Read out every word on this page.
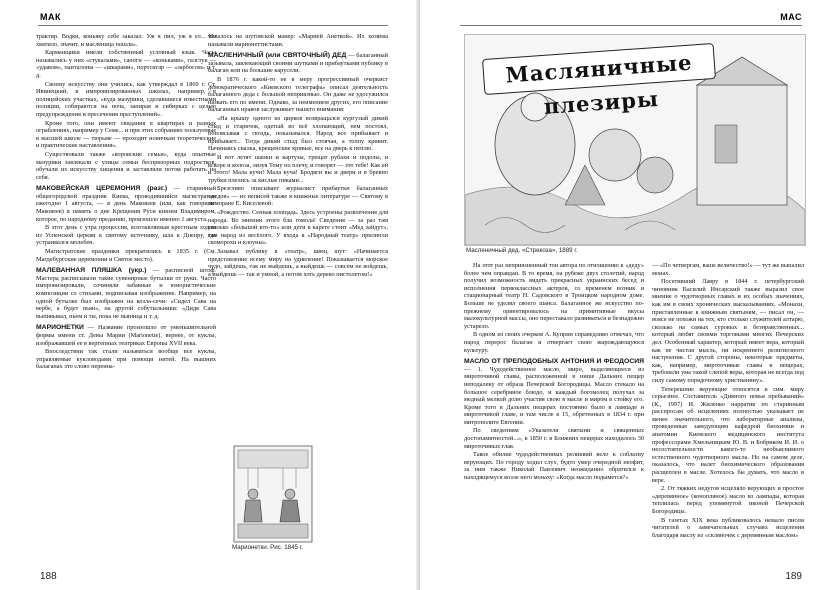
МАК

трактир. Водки, коньяку себе заказал. Уж я пил, уж я ел... Не хватило, значит, и масленица пошла».

Карманщики имели собственный условный язык. Часы назывались у них «стукалами», сапоги — «коньками», галстук — «удавом», панталоны — «шкарами», портсигар — «зарбосом» и т. д.

Своему искусству они учились, как утверждал в 1869 г. Ст. Ивинецкий, в импровизированных школах, например, в полицейских участках, «куда мазурики, сделавшиеся известными полиции, собираются на ночь, запирая в сибирках с целью предупреждения и пресечения преступлений».

Кроме того, они имеют свидания в квартирах и разных ограблениях, например у Семе... и при этих собраниях пользуемые в высшей школе — тюрьме — проходит новичкам теоретические и практические наставления».

Существовали также «воровские семьи», куда опытные мазурики завлекали с улицы семьи беспризорных подростков, обучали их искусству хищения и заставляли потом работать на себя.

МАКОВЕЙСКАЯ ЦЕРЕМОНИЯ (разг.) — старинный общегородской праздник Киева, проводившийся магистратом ежегодно 1 августа, — в день Маковеев (или, как говорили: Маковеев) в память о дне Крещения Руси князем Владимиром, которое, по народному преданию, произошло именно 1 августа.

В этот день с утра процессия, возглавляемая крестным ходом из Успенской церкви к святому источнику, шла к Днепру, где устраивался молебен.

Магистратские праздники прекратились в 1835 г. (См. Магдебургские церемонии и Святое место).

МАЛЕВАННАЯ ПЛЯШКА (укр.) — расписной штоф. Мастера расписывали такие сувенирные бутылки от руки. Часто импровизировали, сочиняли забавные и юмористические композиции со стихами, подписывая изображение. Например, на одной бутылке был изображен на козла-сечи: «Сидел Сава на вербе, а будет пьян», на другой собутыльники: «Дидя Сава выпивывал, пьем и ты, пока не пьяница и т. д.

МАРИОНЕТКИ — Название произошло от уменьшительной формы имени ст. Девы Марии (Marionette), вернее, от куклы, изображавшей ее в вертепных театриках Европы XVII века.

Впоследствии так стали называться вообще все куклы, управляемые кукловодами при помощи нитей. На вышних балаганах это слово переина-

чивалось на шутовской манер: «Марией Анеткой». Их хозяева называли марионеттистами.

МАСЛЕНИЧНЫЙ (или СВЯТОЧНЫЙ) ДЕД — балаганный зазывала, завлекающий своими шутками и прибаутками публику в балаган или на большие карусели.

В 1876 г. какой-то не в меру прогрессивный очеркист демократического «Киевского телеграфа» описал деятельность балаганного деда с большой неприязнью. Он даже не удосужился назвать его по имени. Однако, за неимением других, его описание балаганных нравов заслуживает нашего внимания:

«На крышу одного из цирков возвращался кургузый дикий стыд и старичок, одетый во всё хлопающий, нем постоял, поплясывая с гвоздь, показывался. Народ все прибывает и прибывает... Тогда дикий стыд был стоячая, а толпу кривит. Начинаясь свалка, крещенские кривые, все на дверь к пеплю.

И вот летят шапки и картузы, трещат рубахи и подолы, и вскоре и колоза, лизуя Тому по плечу, и говорят — это тебе! Как ей и этого! Мала кучи! Мала куча! Бродяги вы и двери и в бревно трубки плелись за кислые пиками...

Брезгливо описывает журналист прибаутки балаганных «дедов» — из неписей также в книжные литературе — Святому в меморане Е. Киселевой:

«Рождество. Сенная площадь. Здесь устроены развлечения для народа. Во мнении этого бла гомола! Сведения — за раз там сколько «большой кто-то» или дети в карете стоит «Мед зайдут», там народ из весёлого. У входа в «Народный театр» прилипли скоморохи и клоуны».

Зазывал публику в «театр», швец шут: «Начинается представление всему миру на удивление! Показывается морское чудо, зайдешь, так не выйдешь, а выйдешь — совсем не войдешь, а выйдешь — так и умной, а потом хоть дерево пистолетом!»

Марионетки. Рис. 1845 г.
188
МАС
Масляничные плезиры
Масленичный дед. «Стрекоза», 1889 г.

На этот раз неприязненный тон автора по отношению к «деду» более чем оправдан. В то время, на рубеже двух столетий, народ получил возможность видеть прекрасных украинских бесед и исполнения первоклассных актеров, со временем возник и стационарный театр Н. Садовского в Троицком народном доме. Больше не уделял своего шанса. Балаганное же искусство по-прежнему ориентировалось на примитивные вкусы малокультурной массы, оно переставало развиваться и безнадежно устарело.

В одном из своих очерков А. Куприн справедливо отмечал, что народ перерос балаган и отвергает свою вырождающуюся культуру.

МАСЛО ОТ ПРЕПОДОБНЫХ АНТОНИЯ И ФЕОДОСИЯ — 1. Чудодейственное масло, миро, выделяющееся из мироточивой главы, расположенной в нише Дальних пещер неподалеку от образа Печерской Богородицы. Масло стекало на большое серебряное блюдо, и каждый богомолец получал за медный мелкой долю участия свою в масле и миром в стойку его. Кроме того в Дальних пещерах постоянно было в лампаде и мироточивой главе, и там числе в 15, обретенных в 1834 г. при митрополите Евгении.

По сведениям «Указателя святыни и священных достопамятностей...», в 1850 г. в Ближних пещерах находилось 30 мироточивых глав.

Такое обилие чудодейственных реликвий вело к соблазну верующих. По городу ходил слух, будто умер очередной неофит, за ним также Николай Павлович неожиданно обратился к находящемуся возле него монаху: «Когда масло подымется?»

— «По четвергам, ваше величество!» — тут же выпалил монах.

Посетивший Лавру в 1844 г. петербургский чиновник Василий Инсарский также выразил свое мнение о чудотворных главах и их особых значениях, как им в своих хронических высказываниях. «Монахи, приставленные к книжным святыням, — писал он, — вовсе не похожи на тех, кто столько служителей алтарю, сколько на самых суровых и безнравственных... который любят своими торговыми многих Печерских дел. Особенный характер, который имеет вера, который как не чистая мысль, ни искреннего религиозного настроения. С другой стороны, некоторые предметы, как, например, мироточивые главы в пещерах, требовали ума такой слепой веры, которая не всегда под силу самому порядочному христианину».

Теперешние верующие относятся к сим. миру серьезнее. Составитель «Дивного новья пребываний» (К., 1997) И. Жиленко нарратив по старинным расспросам об исцелениях полностью указывает не менее значительного, что лабораторные анализы, проведенные заведующим кафедрой биохимии и анатомии Киевского медицинского института профессорами Хмельницким Ю. В. и Бобриком И. И. о несостоятельности какого-то необъяснимого естественного чудотворного масла. Но на самом деле, оказалось, что налет биохимического образования расщеплен в масле. Хотелось бы думать, что масло в вере.

2. От тяжких недугов исцеляло верующих и простое «деревянное» (конопляное) масло из лампады, которая теплилась перед упомянутой иконой Печерской Богородицы.

В газетах XIX века публиковалось немало писем читателей о замечательных случаях исцеления благодаря маслу из «скляночек с деревянным маслом»

189
